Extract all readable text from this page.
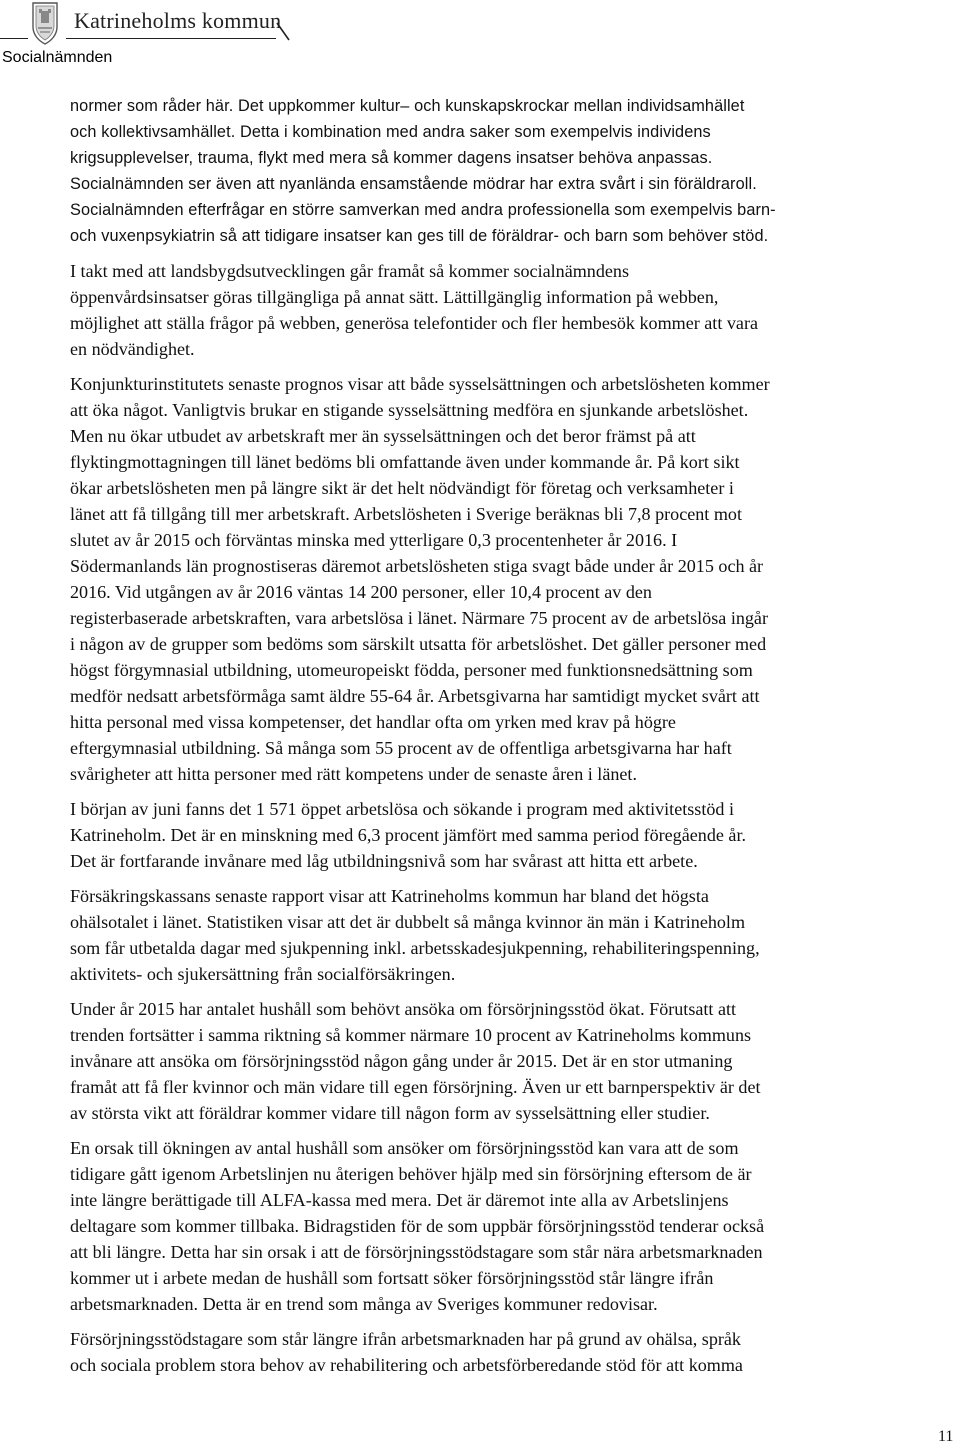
Katrineholms kommun
Socialnämnden

normer som råder här. Det uppkommer kultur– och kunskapskrockar mellan individsamhället
och kollektivsamhället. Detta i kombination med andra saker som exempelvis individens
krigsupplevelser, trauma, flykt med mera så kommer dagens insatser behöva anpassas.
Socialnämnden ser även att nyanlända ensamstående mödrar har extra svårt i sin föräldraroll.
Socialnämnden efterfrågar en större samverkan med andra professionella som exempelvis barn-
och vuxenpsykiatrin så att tidigare insatser kan ges till de föräldrar- och barn som behöver stöd.

I takt med att landsbygdsutvecklingen går framåt så kommer socialnämndens
öppenvårdsinsatser göras tillgängliga på annat sätt. Lättillgänglig information på webben,
möjlighet att ställa frågor på webben, generösa telefontider och fler hembesök kommer att vara
en nödvändighet.

Konjunkturinstitutets senaste prognos visar att både sysselsättningen och arbetslösheten kommer
att öka något. Vanligtvis brukar en stigande sysselsättning medföra en sjunkande arbetslöshet.
Men nu ökar utbudet av arbetskraft mer än sysselsättningen och det beror främst på att
flyktingmottagningen till länet bedöms bli omfattande även under kommande år. På kort sikt
ökar arbetslösheten men på längre sikt är det helt nödvändigt för företag och verksamheter i
länet att få tillgång till mer arbetskraft. Arbetslösheten i Sverige beräknas bli 7,8 procent mot
slutet av år 2015 och förväntas minska med ytterligare 0,3 procentenheter år 2016. I
Södermanlands län prognostiseras däremot arbetslösheten stiga svagt både under år 2015 och år
2016. Vid utgången av år 2016 väntas 14 200 personer, eller 10,4 procent av den
registerbaserade arbetskraften, vara arbetslösa i länet. Närmare 75 procent av de arbetslösa ingår
i någon av de grupper som bedöms som särskilt utsatta för arbetslöshet. Det gäller personer med
högst förgymnasial utbildning, utomeuropeiskt födda, personer med funktionsnedsättning som
medför nedsatt arbetsförmåga samt äldre 55-64 år. Arbetsgivarna har samtidigt mycket svårt att
hitta personal med vissa kompetenser, det handlar ofta om yrken med krav på högre
eftergymnasial utbildning. Så många som 55 procent av de offentliga arbetsgivarna har haft
svårigheter att hitta personer med rätt kompetens under de senaste åren i länet.

I början av juni fanns det 1 571 öppet arbetslösa och sökande i program med aktivitetsstöd i
Katrineholm. Det är en minskning med 6,3 procent jämfört med samma period föregående år.
Det är fortfarande invånare med låg utbildningsnivå som har svårast att hitta ett arbete.

Försäkringskassans senaste rapport visar att Katrineholms kommun har bland det högsta
ohälsotalet i länet. Statistiken visar att det är dubbelt så många kvinnor än män i Katrineholm
som får utbetalda dagar med sjukpenning inkl. arbetsskadesjukpenning, rehabiliteringspenning,
aktivitets- och sjukersättning från socialförsäkringen.

Under år 2015 har antalet hushåll som behövt ansöka om försörjningsstöd ökat. Förutsatt att
trenden fortsätter i samma riktning så kommer närmare 10 procent av Katrineholms kommuns
invånare att ansöka om försörjningsstöd någon gång under år 2015. Det är en stor utmaning
framåt att få fler kvinnor och män vidare till egen försörjning. Även ur ett barnperspektiv är det
av största vikt att föräldrar kommer vidare till någon form av sysselsättning eller studier.

En orsak till ökningen av antal hushåll som ansöker om försörjningsstöd kan vara att de som
tidigare gått igenom Arbetslinjen nu återigen behöver hjälp med sin försörjning eftersom de är
inte längre berättigade till ALFA-kassa med mera. Det är däremot inte alla av Arbetslinjens
deltagare som kommer tillbaka. Bidragstiden för de som uppbär försörjningsstöd tenderar också
att bli längre. Detta har sin orsak i att de försörjningsstödstagare som står nära arbetsmarknaden
kommer ut i arbete medan de hushåll som fortsatt söker försörjningsstöd står längre ifrån
arbetsmarknaden. Detta är en trend som många av Sveriges kommuner redovisar.

Försörjningsstödstagare som står längre ifrån arbetsmarknaden har på grund av ohälsa, språk
och sociala problem stora behov av rehabilitering och arbetsförberedande stöd för att komma

11
